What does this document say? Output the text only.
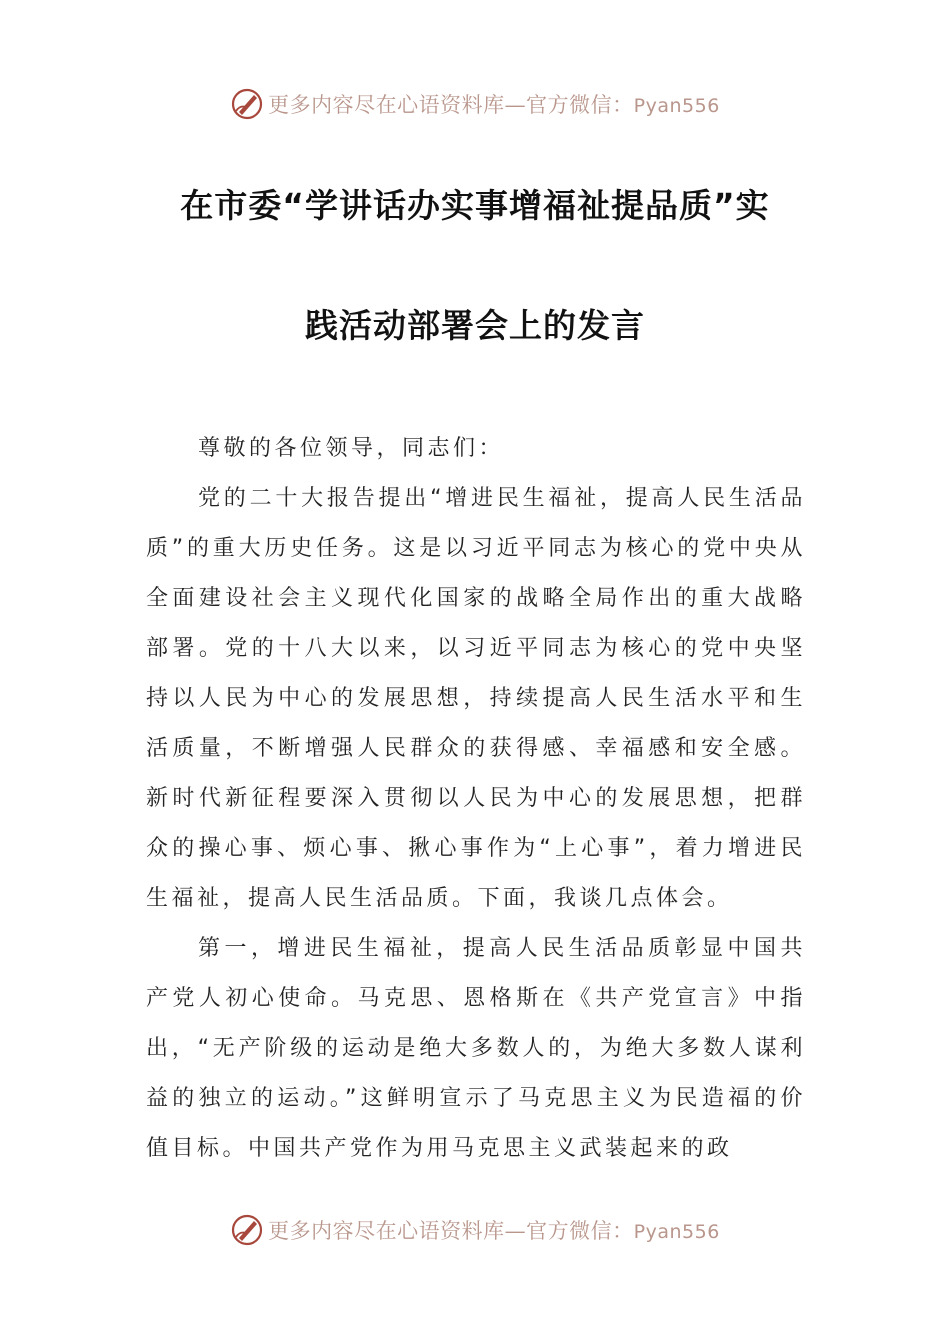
更多内容尽在心语资料库—官方微信：Pyan556
在市委“学讲话办实事增福祉提品质”实
践活动部署会上的发言

尊敬的各位领导，同志们：

党的二十大报告提出“增进民生福祉，提高人民生活品质”的重大历史任务。这是以习近平同志为核心的党中央从全面建设社会主义现代化国家的战略全局作出的重大战略部署。党的十八大以来，以习近平同志为核心的党中央坚持以人民为中心的发展思想，持续提高人民生活水平和生活质量，不断增强人民群众的获得感、幸福感和安全感。新时代新征程要深入贯彻以人民为中心的发展思想，把群众的操心事、烦心事、揪心事作为“上心事”，着力增进民生福祉，提高人民生活品质。下面，我谈几点体会。

第一，增进民生福祉，提高人民生活品质彰显中国共产党人初心使命。马克思、恩格斯在《共产党宣言》中指出，“无产阶级的运动是绝大多数人的，为绝大多数人谋利益的独立的运动。”这鲜明宣示了马克思主义为民造福的价值目标。中国共产党作为用马克思主义武装起来的政

更多内容尽在心语资料库—官方微信：Pyan556
